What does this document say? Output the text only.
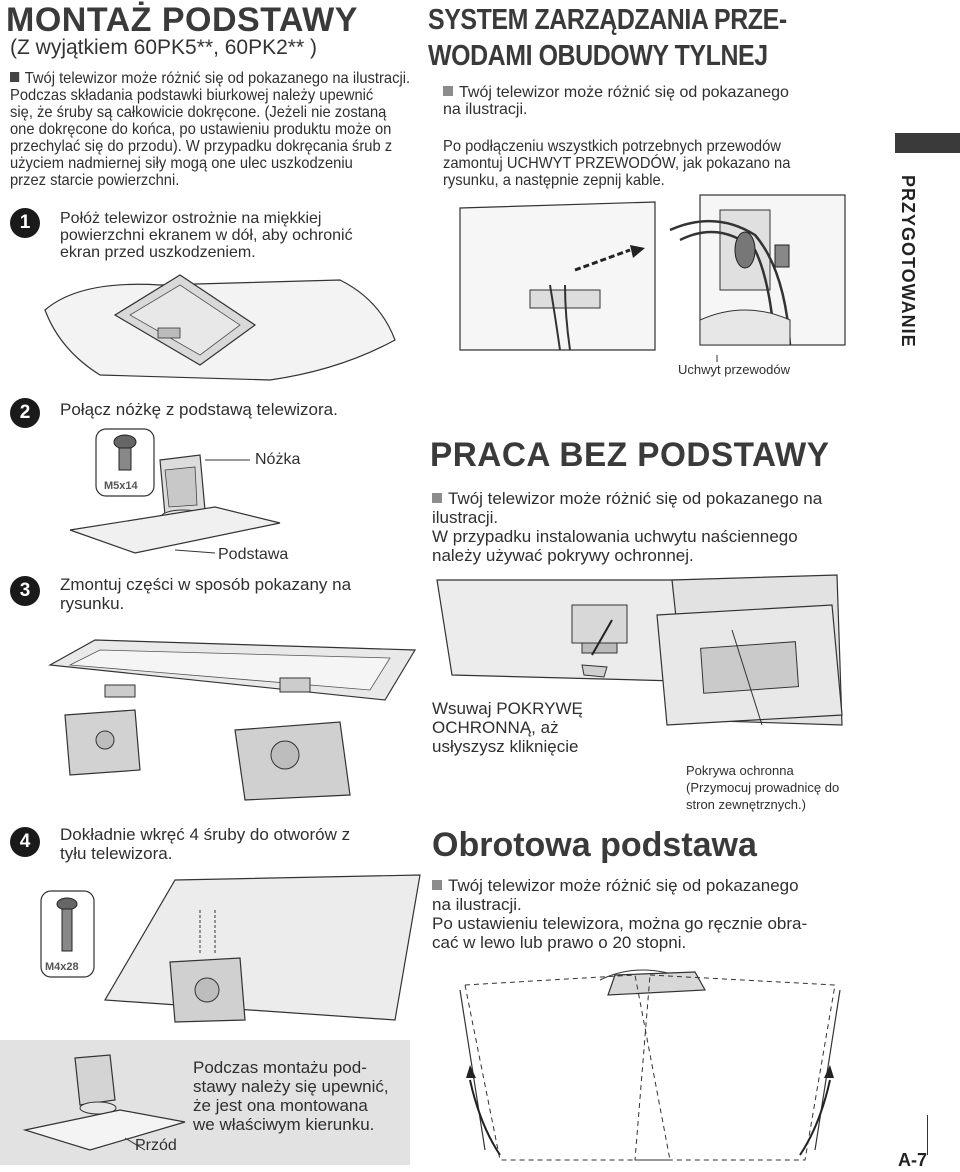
MONTAŻ PODSTAWY
(Z wyjątkiem 60PK5**, 60PK2** )
Twój telewizor może różnić się od pokazanego na ilustracji.
Podczas składania podstawki biurkowej należy upewnić
się, że śruby są całkowicie dokręcone. (Jeżeli nie zostaną
one dokręcone do końca, po ustawieniu produktu może on
przechylać się do przodu). W przypadku dokręcania śrub z
użyciem nadmiernej siły mogą one ulec uszkodzeniu
przez starcie powierzchni.
1	Połóż telewizor ostrożnie na miękkiej
powierzchni ekranem w dół, aby ochronić
ekran przed uszkodzeniem.
2	Połącz nóżkę z podstawą telewizora.
M5x14
Nóżka
Podstawa
3	Zmontuj części w sposób pokazany na
rysunku.
4	Dokładnie wkręć 4 śruby do otworów z
tyłu telewizora.
M4x28
Przód
Podczas montażu pod-
stawy należy się upewnić,
że jest ona montowana
we właściwym kierunku.
SYSTEM ZARZĄDZANIA PRZE-
WODAMI OBUDOWY TYLNEJ
Twój telewizor może różnić się od pokazanego
na ilustracji.
Po podłączeniu wszystkich potrzebnych przewodów
zamontuj UCHWYT PRZEWODÓW, jak pokazano na
rysunku, a następnie zepnij kable.
Uchwyt przewodów
PRACA BEZ PODSTAWY
Twój telewizor może różnić się od pokazanego na
ilustracji.
W przypadku instalowania uchwytu naściennego
należy używać pokrywy ochronnej.
Wsuwaj POKRYWĘ
OCHRONNĄ, aż
usłyszysz kliknięcie
Pokrywa ochronna
(Przymocuj prowadnicę do
stron zewnętrznych.)
Obrotowa podstawa
Twój telewizor może różnić się od pokazanego
na ilustracji.
Po ustawieniu telewizora, można go ręcznie obra-
cać w lewo lub prawo o 20 stopni.
PRZYGOTOWANIE
A-7
